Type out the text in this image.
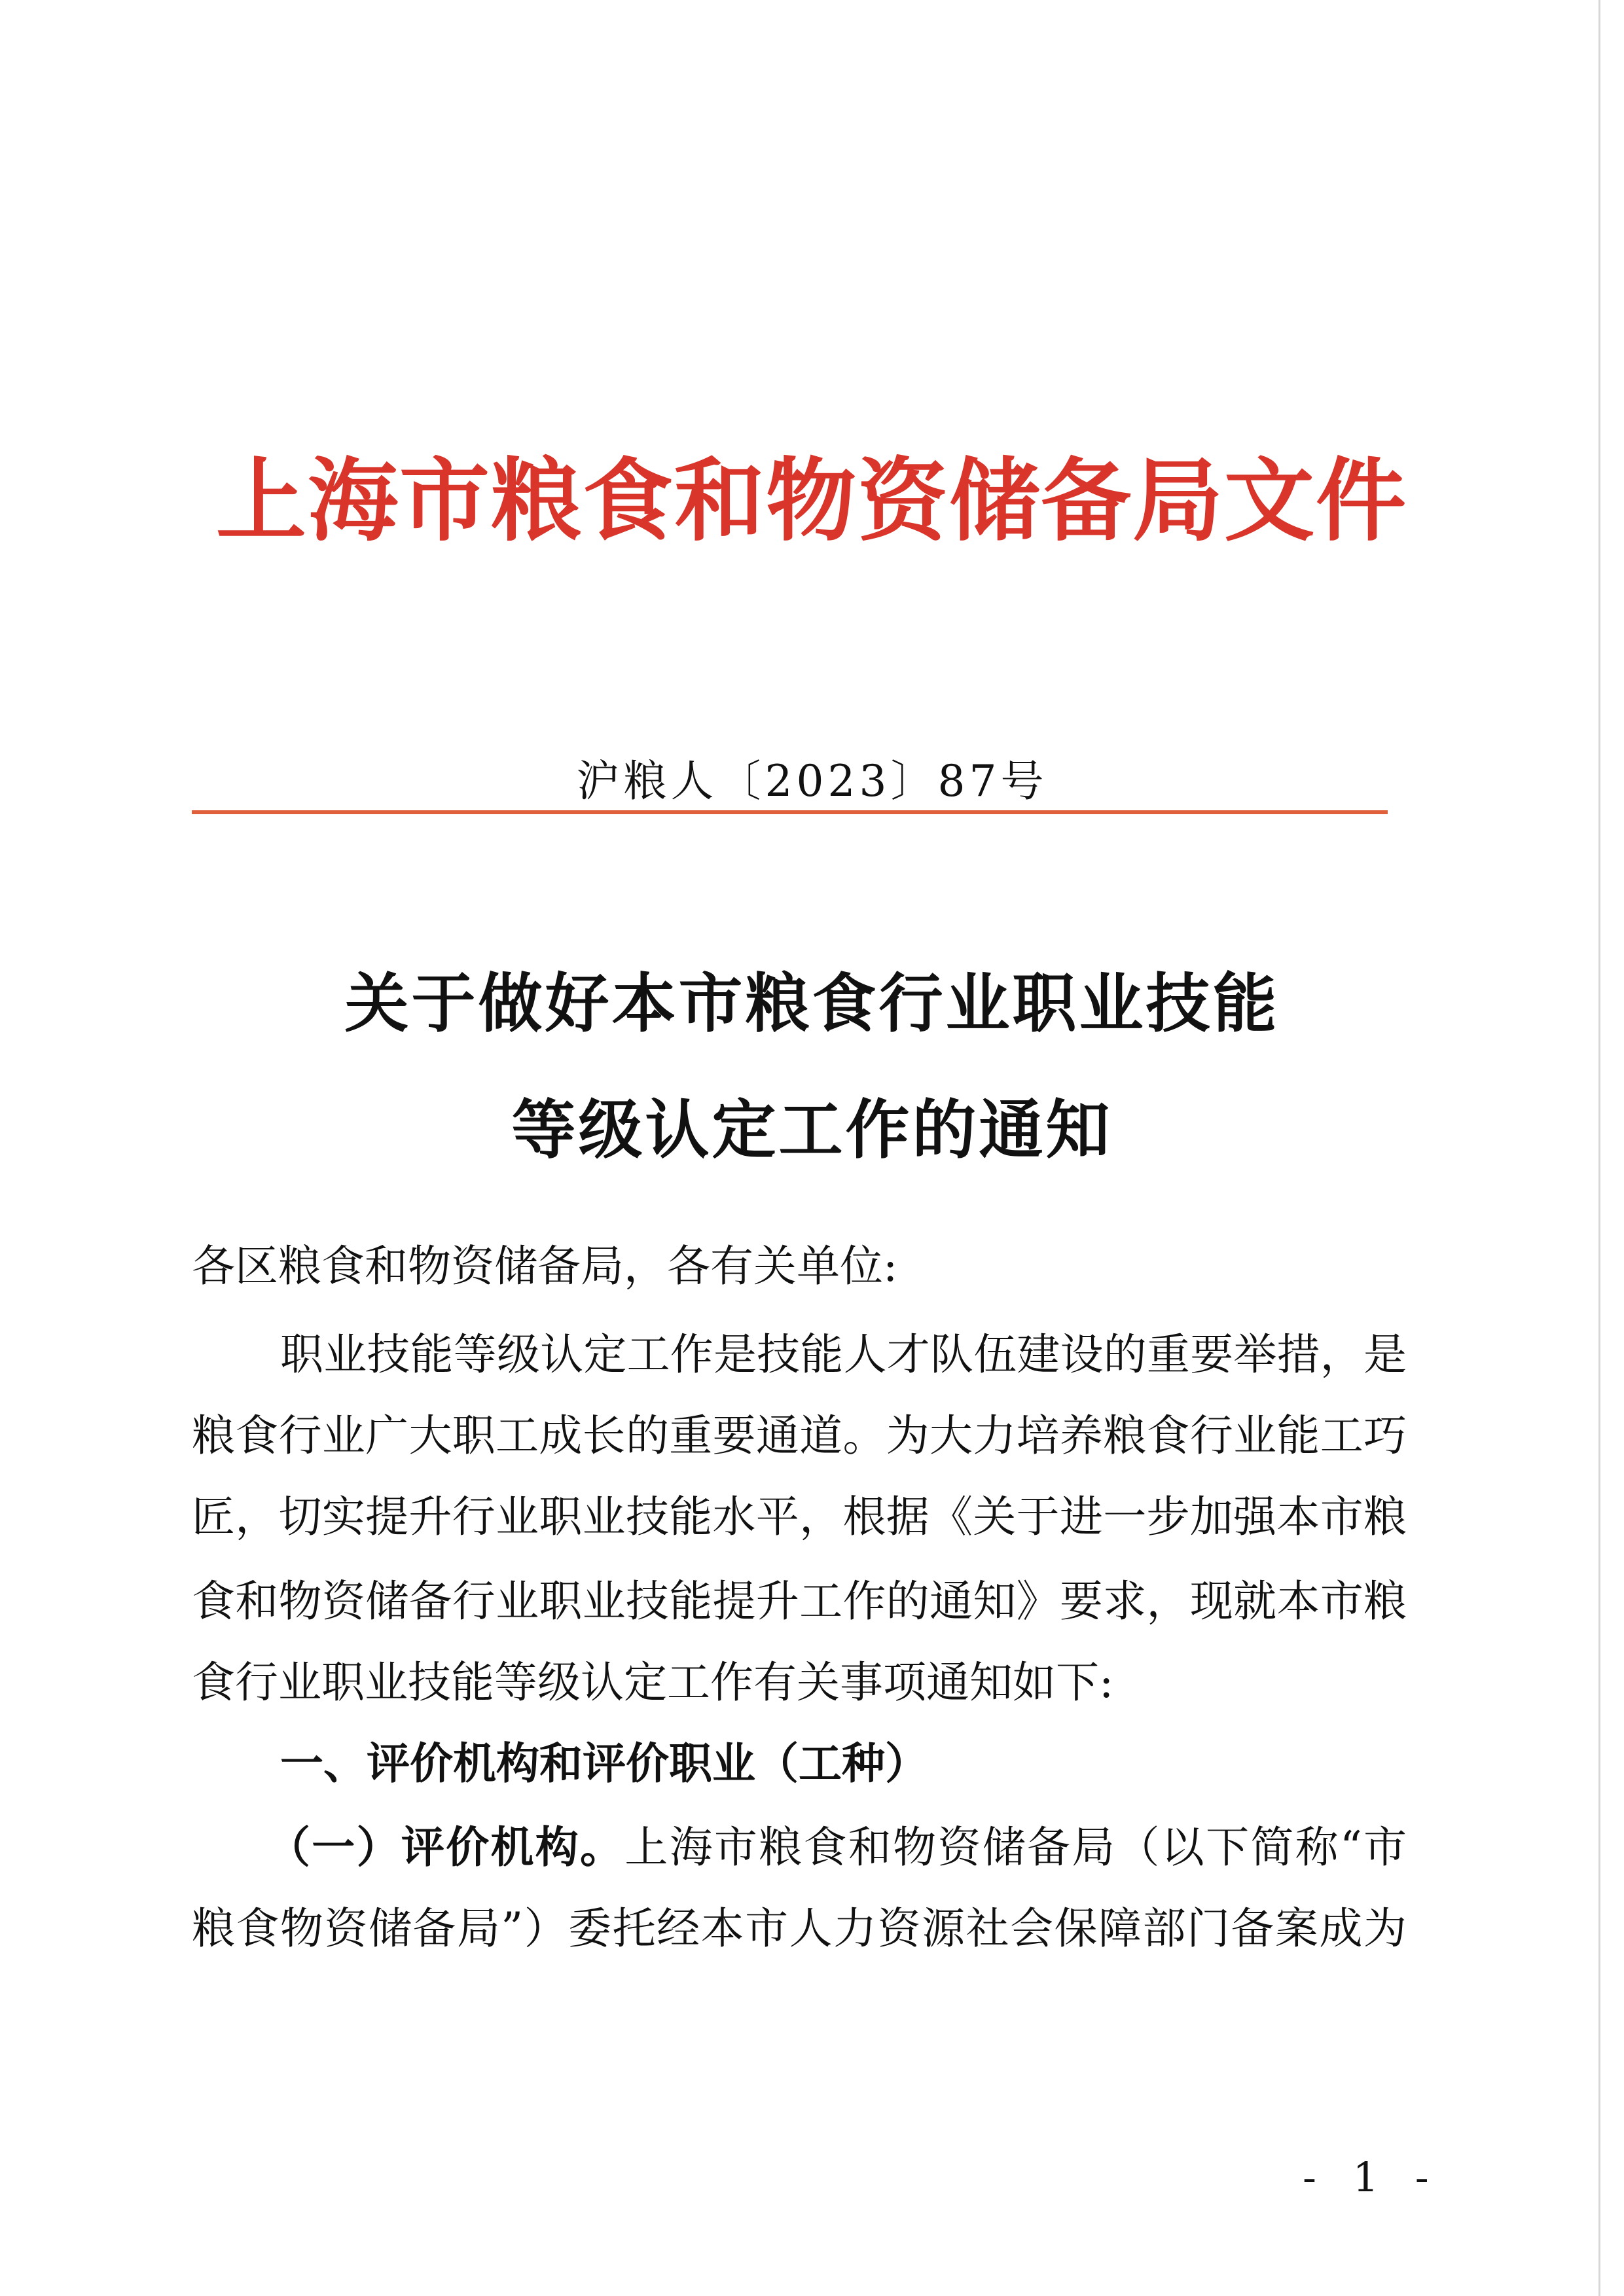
上海市粮食和物资储备局文件
沪粮人〔2023〕87号
关于做好本市粮食行业职业技能
等级认定工作的通知
各区粮食和物资储备局，各有关单位:
职业技能等级认定工作是技能人才队伍建设的重要举措，是
粮食行业广大职工成长的重要通道。为大力培养粮食行业能工巧
匠，切实提升行业职业技能水平，根据《关于进一步加强本市粮
食和物资储备行业职业技能提升工作的通知》要求，现就本市粮
食行业职业技能等级认定工作有关事项通知如下:
一、评价机构和评价职业（工种）
（一）评价机构。上海市粮食和物资储备局（以下简称“市
粮食物资储备局”）委托经本市人力资源社会保障部门备案成为
- 1 -
